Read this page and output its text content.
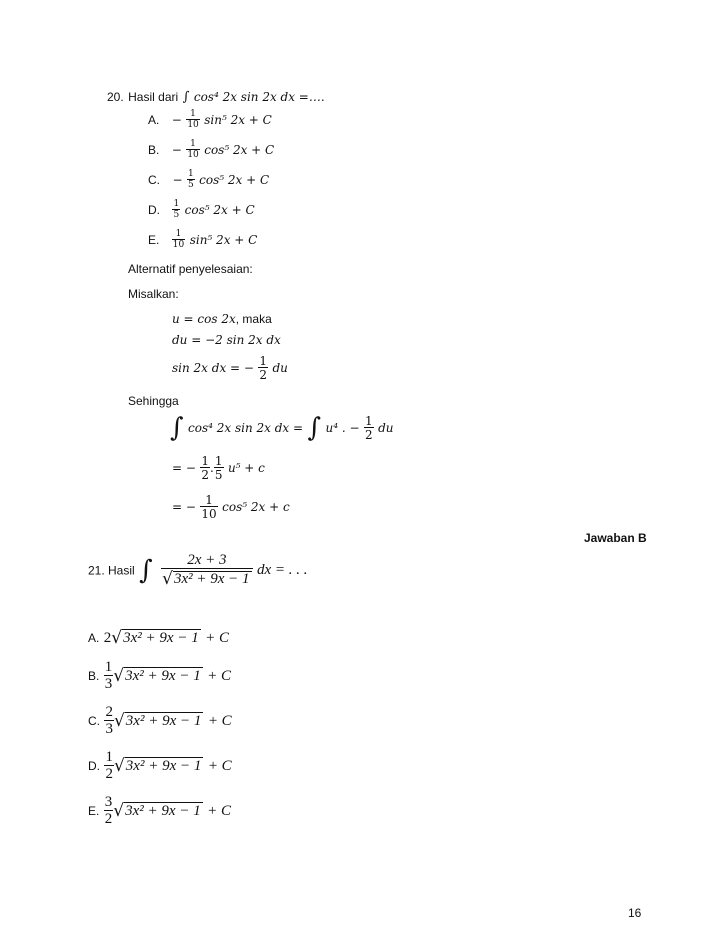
20. Hasil dari ∫ cos⁴ 2x sin 2x dx =….
A. − $\frac{1}{10} \sin^5$ 2x + C
B. − $\frac{1}{10} \cos^5$ 2x + C
C. − $\frac{1}{5} \cos^5$ 2x + C
D. $\frac{1}{5} \cos^5$ 2x + C
E. $\frac{1}{10} \sin^5$ 2x + C
Alternatif penyelesaian:
Misalkan:
u = cos 2x, maka
du = −2 sin 2x dx
sin 2x dx = − $\frac{1}{2}$ du
Sehingga
∫ cos⁴ 2x sin 2x dx = ∫ u⁴ . − $\frac{1}{2}$ du
= − $\frac{1}{2}$ . $\frac{1}{5} u^5 + c$
= − $\frac{1}{10} \cos^5$ 2x + c
Jawaban B
21. Hasil ∫ $\frac{2x + 3}{\text{√3x² + 9x − 1}}$ dx = . . .
A. 2√3x² + 9x − 1 + C
B. $\frac{1}{3} √3x^2 + 9x - 1 + C$
C. $\frac{2}{3} √3x^2 + 9x - 1 + C$
D. $\frac{1}{2} √3x^2 + 9x - 1 + C$
E. $\frac{3}{2} √3x^2 + 9x - 1 + C$
16
